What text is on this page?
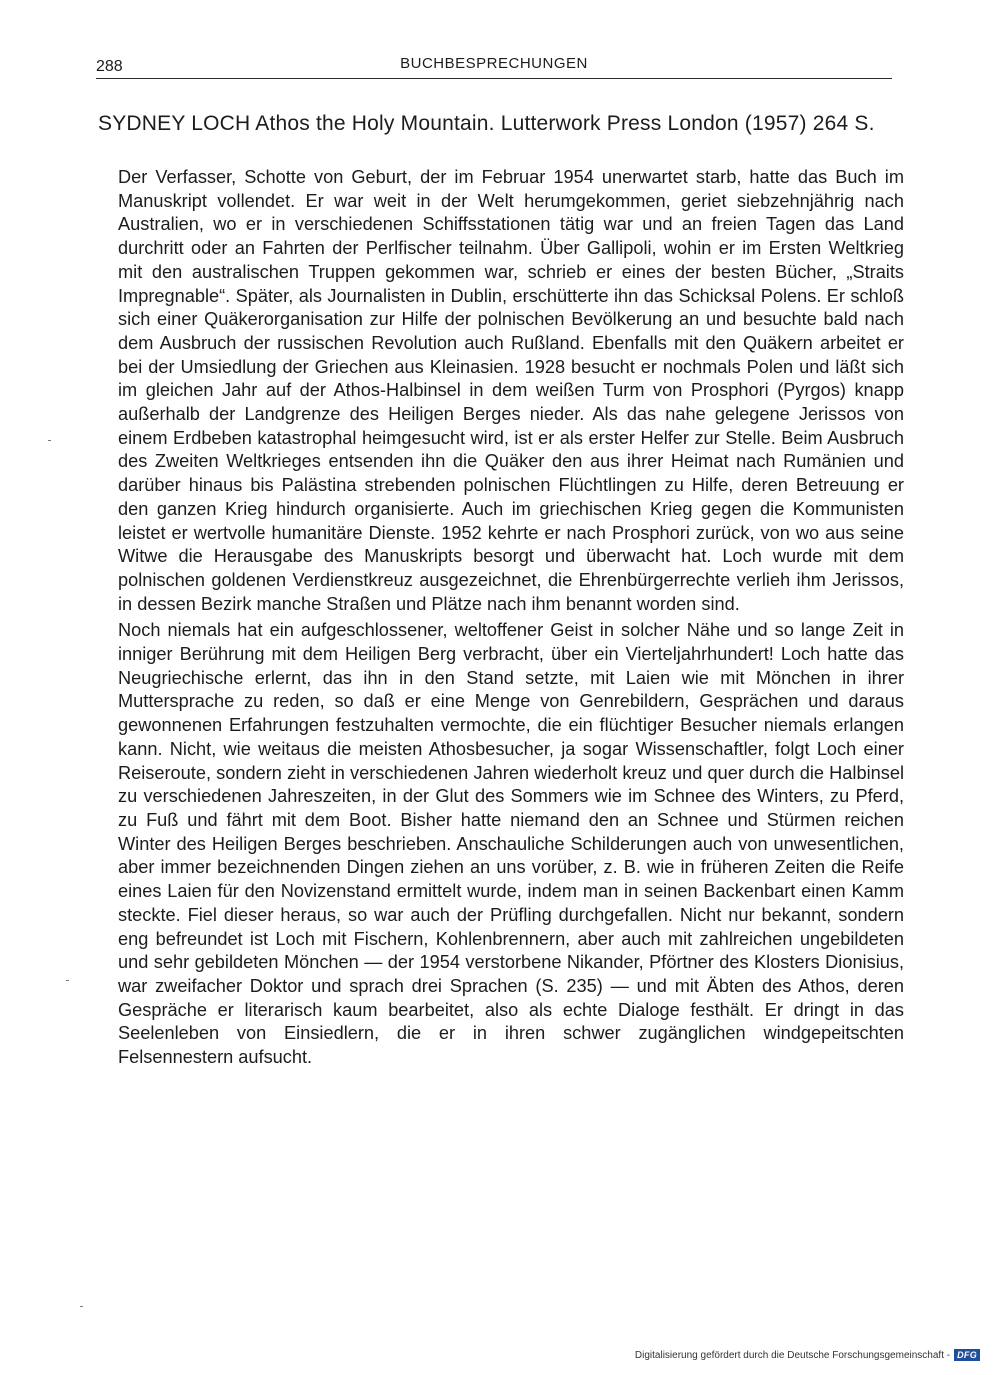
288	BUCHBESPRECHUNGEN
SYDNEY LOCH Athos the Holy Mountain. Lutterwork Press London (1957) 264 S.

Der Verfasser, Schotte von Geburt, der im Februar 1954 unerwartet starb, hatte das Buch im Manuskript vollendet. Er war weit in der Welt herumgekommen, geriet siebzehnjährig nach Australien, wo er in verschiedenen Schiffsstationen tätig war und an freien Tagen das Land durchritt oder an Fahrten der Perlfischer teilnahm. Über Gallipoli, wohin er im Ersten Weltkrieg mit den australischen Truppen gekommen war, schrieb er eines der besten Bücher, „Straits Impregnable“. Später, als Journalisten in Dublin, erschütterte ihn das Schicksal Polens. Er schloß sich einer Quäkerorganisation zur Hilfe der polnischen Bevölkerung an und besuchte bald nach dem Ausbruch der russischen Revolution auch Rußland. Ebenfalls mit den Quäkern arbeitet er bei der Umsiedlung der Griechen aus Kleinasien. 1928 besucht er nochmals Polen und läßt sich im gleichen Jahr auf der Athos-Halbinsel in dem weißen Turm von Prosphori (Pyrgos) knapp außerhalb der Landgrenze des Heiligen Berges nieder. Als das nahe gelegene Jerissos von einem Erdbeben katastrophal heimgesucht wird, ist er als erster Helfer zur Stelle. Beim Ausbruch des Zweiten Weltkrieges entsenden ihn die Quäker den aus ihrer Heimat nach Rumänien und darüber hinaus bis Palästina strebenden polnischen Flüchtlingen zu Hilfe, deren Betreuung er den ganzen Krieg hindurch organisierte. Auch im griechischen Krieg gegen die Kommunisten leistet er wertvolle humanitäre Dienste. 1952 kehrte er nach Prosphori zurück, von wo aus seine Witwe die Herausgabe des Manuskripts besorgt und überwacht hat. Loch wurde mit dem polnischen goldenen Verdienstkreuz ausgezeichnet, die Ehrenbürgerrechte verlieh ihm Jerissos, in dessen Bezirk manche Straßen und Plätze nach ihm benannt worden sind.

Noch niemals hat ein aufgeschlossener, weltoffener Geist in solcher Nähe und so lange Zeit in inniger Berührung mit dem Heiligen Berg verbracht, über ein Vierteljahrhundert! Loch hatte das Neugriechische erlernt, das ihn in den Stand setzte, mit Laien wie mit Mönchen in ihrer Muttersprache zu reden, so daß er eine Menge von Genrebildern, Gesprächen und daraus gewonnenen Erfahrungen festzuhalten vermochte, die ein flüchtiger Besucher niemals erlangen kann. Nicht, wie weitaus die meisten Athosbesucher, ja sogar Wissenschaftler, folgt Loch einer Reiseroute, sondern zieht in verschiedenen Jahren wiederholt kreuz und quer durch die Halbinsel zu verschiedenen Jahreszeiten, in der Glut des Sommers wie im Schnee des Winters, zu Pferd, zu Fuß und fährt mit dem Boot. Bisher hatte niemand den an Schnee und Stürmen reichen Winter des Heiligen Berges beschrieben. Anschauliche Schilderungen auch von unwesentlichen, aber immer bezeichnenden Dingen ziehen an uns vorüber, z. B. wie in früheren Zeiten die Reife eines Laien für den Novizenstand ermittelt wurde, indem man in seinen Backenbart einen Kamm steckte. Fiel dieser heraus, so war auch der Prüfling durchgefallen. Nicht nur bekannt, sondern eng befreundet ist Loch mit Fischern, Kohlenbrennern, aber auch mit zahlreichen ungebildeten und sehr gebildeten Mönchen — der 1954 verstorbene Nikander, Pförtner des Klosters Dionisius, war zweifacher Doktor und sprach drei Sprachen (S. 235) — und mit Äbten des Athos, deren Gespräche er literarisch kaum bearbeitet, also als echte Dialoge festhält. Er dringt in das Seelenleben von Einsiedlern, die er in ihren schwer zugänglichen windgepeitschten Felsennestern aufsucht.

Digitalisierung gefördert durch die Deutsche Forschungsgemeinschaft - DFG
